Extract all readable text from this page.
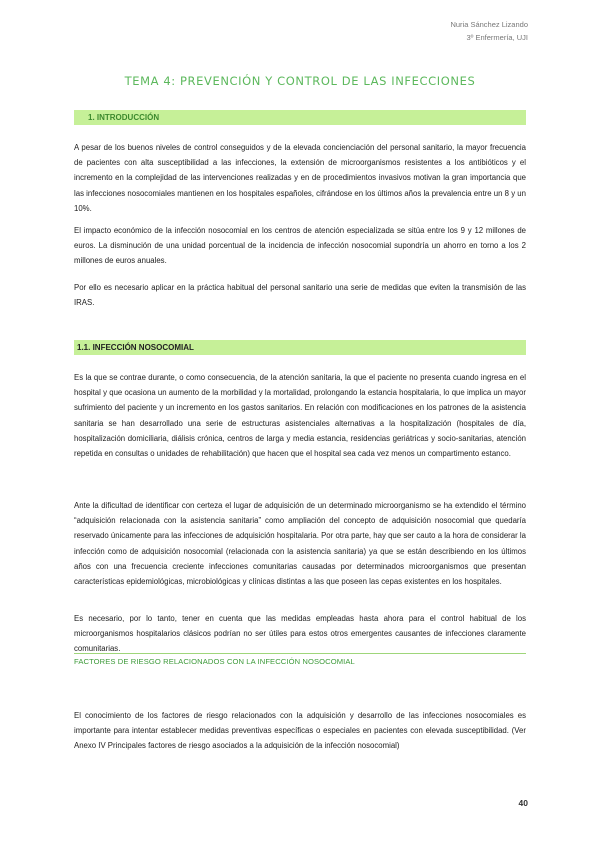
Nuria Sánchez Lizando
3º Enfermería, UJI
TEMA 4: PREVENCIÓN Y CONTROL DE LAS INFECCIONES
1. INTRODUCCIÓN

A pesar de los buenos niveles de control conseguidos y de la elevada concienciación del personal sanitario, la mayor frecuencia de pacientes con alta susceptibilidad a las infecciones, la extensión de microorganismos resistentes a los antibióticos y el incremento en la complejidad de las intervenciones realizadas y en de procedimientos invasivos motivan la gran importancia que las infecciones nosocomiales mantienen en los hospitales españoles, cifrándose en los últimos años la prevalencia entre un 8 y un 10%.

El impacto económico de la infección nosocomial en los centros de atención especializada se sitúa entre los 9 y 12 millones de euros. La disminución de una unidad porcentual de la incidencia de infección nosocomial supondría un ahorro en torno a los 2 millones de euros anuales.

Por ello es necesario aplicar en la práctica habitual del personal sanitario una serie de medidas que eviten la transmisión de las IRAS.

1.1. INFECCIÓN NOSOCOMIAL

Es la que se contrae durante, o como consecuencia, de la atención sanitaria, la que el paciente no presenta cuando ingresa en el hospital y que ocasiona un aumento de la morbilidad y la mortalidad, prolongando la estancia hospitalaria, lo que implica un mayor sufrimiento del paciente y un incremento en los gastos sanitarios. En relación con modificaciones en los patrones de la asistencia sanitaria se han desarrollado una serie de estructuras asistenciales alternativas a la hospitalización (hospitales de día, hospitalización domiciliaria, diálisis crónica, centros de larga y media estancia, residencias geriátricas y socio-sanitarias, atención repetida en consultas o unidades de rehabilitación) que hacen que el hospital sea cada vez menos un compartimento estanco.

Ante la dificultad de identificar con certeza el lugar de adquisición de un determinado microorganismo se ha extendido el término “adquisición relacionada con la asistencia sanitaria” como ampliación del concepto de adquisición nosocomial que quedaría reservado únicamente para las infecciones de adquisición hospitalaria. Por otra parte, hay que ser cauto a la hora de considerar la infección como de adquisición nosocomial (relacionada con la asistencia sanitaria) ya que se están describiendo en los últimos años con una frecuencia creciente infecciones comunitarias causadas por determinados microorganismos que presentan características epidemiológicas, microbiológicas y clínicas distintas a las que poseen las cepas existentes en los hospitales.

Es necesario, por lo tanto, tener en cuenta que las medidas empleadas hasta ahora para el control habitual de los microorganismos hospitalarios clásicos podrían no ser útiles para estos otros emergentes causantes de infecciones claramente comunitarias.

FACTORES DE RIESGO RELACIONADOS CON LA INFECCIÓN NOSOCOMIAL

El conocimiento de los factores de riesgo relacionados con la adquisición y desarrollo de las infecciones nosocomiales es importante para intentar establecer medidas preventivas específicas o especiales en pacientes con elevada susceptibilidad. (Ver Anexo IV Principales factores de riesgo asociados a la adquisición de la infección nosocomial)

40
